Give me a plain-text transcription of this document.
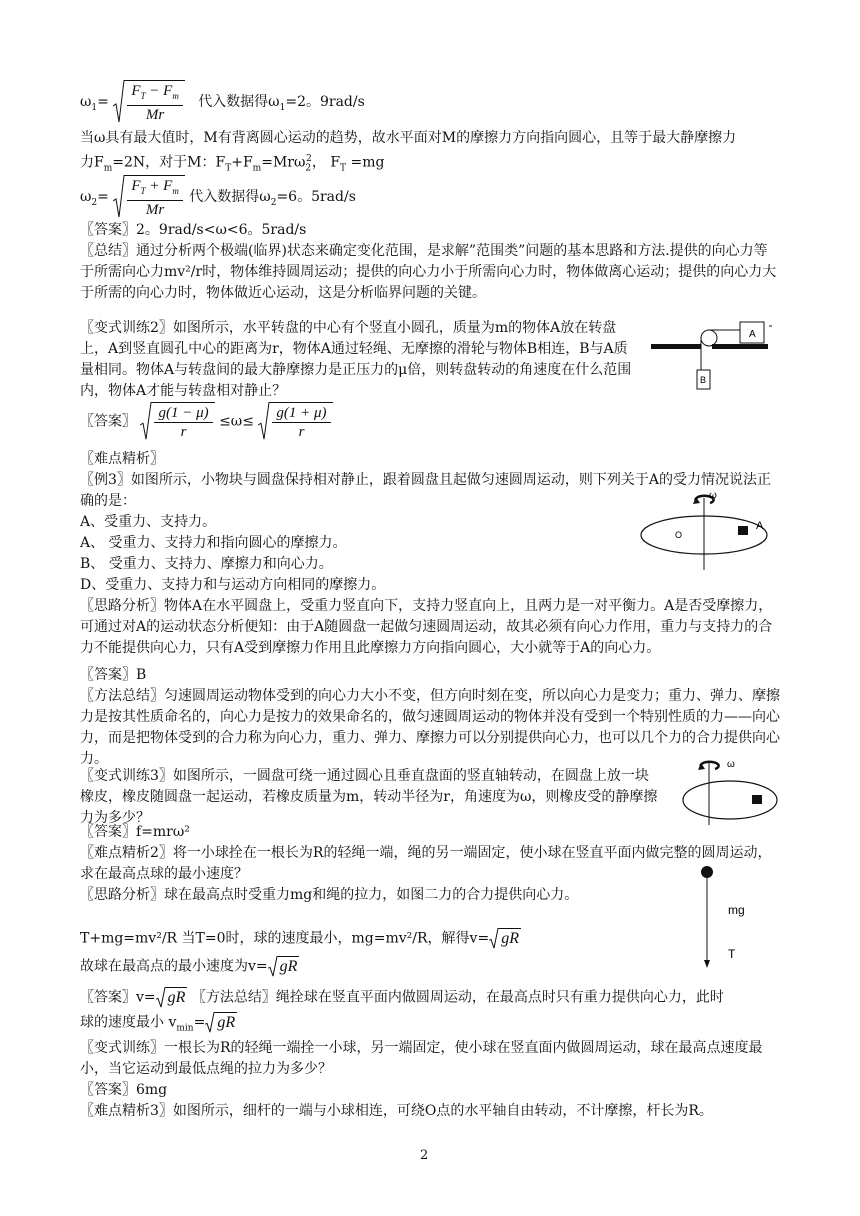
$\omega_1= \frac{F_T - F_m}{Mr}$ 代入数据得$\omega_1=2$。9rad/s
当ω具有最大值时，M有背离圆心运动的趋势，故水平面对M的摩擦力方向指向圆心，且等于最大静摩擦力
力$F_m=2N$，对于M：$F_T+F_m=Mr\omega_2^2$， $F_T =mg$
$\omega_2= \frac{F_T + F_m}{Mr}$ 代入数据得$\omega_2=6$。5rad/s
〖答案〗2。9rad/s<ω<6。5rad/s
〖总结〗通过分析两个极端(临界)状态来确定变化范围，是求解”范围类”问题的基本思路和方法.提供的向心力等于所需向心力mv²/r时，物体维持圆周运动；提供的向心力小于所需向心力时，物体做离心运动；提供的向心力大于所需的向心力时，物体做近心运动，这是分析临界问题的关键。
〖变式训练2〗如图所示，水平转盘的中心有个竖直小圆孔，质量为m的物体A放在转盘上，A到竖直圆孔中心的距离为r，物体A通过轻绳、无摩擦的滑轮与物体B相连，B与A质量相同。物体A与转盘间的最大静摩擦力是正压力的μ倍，则转盘转动的角速度在什么范围内，物体A才能与转盘相对静止？
A
B
〖答案〗 $\frac{g(1 - \mu)}{r} \le\omega\le \frac{g(1 + \mu)}{r}$
〖难点精析〗
〖例3〗如图所示，小物块与圆盘保持相对静止，跟着圆盘且起做匀速圆周运动，则下列关于A的受力情况说法正确的是：
A、受重力、支持力。
A、 受重力、支持力和指向圆心的摩擦力。
B、 受重力、支持力、摩擦力和向心力。
D、受重力、支持力和与运动方向相同的摩擦力。
ω
O
A
〖思路分析〗物体A在水平圆盘上，受重力竖直向下，支持力竖直向上，且两力是一对平衡力。A是否受摩擦力，可通过对A的运动状态分析便知：由于A随圆盘一起做匀速圆周运动，故其必须有向心力作用，重力与支持力的合力不能提供向心力，只有A受到摩擦力作用且此摩擦力方向指向圆心，大小就等于A的向心力。
〖答案〗B
〖方法总结〗匀速圆周运动物体受到的向心力大小不变，但方向时刻在变，所以向心力是变力；重力、弹力、摩擦力是按其性质命名的，向心力是按力的效果命名的，做匀速圆周运动的物体并没有受到一个特别性质的力——向心力，而是把物体受到的合力称为向心力，重力、弹力、摩擦力可以分别提供向心力，也可以几个力的合力提供向心力。
〖变式训练3〗如图所示，一圆盘可绕一通过圆心且垂直盘面的竖直轴转动，在圆盘上放一块橡皮，橡皮随圆盘一起运动，若橡皮质量为m，转动半径为r，角速度为ω，则橡皮受的静摩擦力为多少？
ω
〖答案〗f=mrω²
〖难点精析2〗将一小球拴在一根长为R的轻绳一端，绳的另一端固定，使小球在竖直平面内做完整的圆周运动，求在最高点球的最小速度？
〖思路分析〗球在最高点时受重力mg和绳的拉力，如图二力的合力提供向心力。
mg
T
T+mg=mv²/R 当T=0时，球的速度最小，mg=mv²/R，解得v= gR
故球在最高点的最小速度为v= gR
〖答案〗v= gR 〖方法总结〗绳拴球在竖直平面内做圆周运动，在最高点时只有重力提供向心力，此时
球的速度最小 $v_{min}=$ gR
〖变式训练〗一根长为R的轻绳一端拴一小球，另一端固定，使小球在竖直面内做圆周运动，球在最高点速度最小，当它运动到最低点绳的拉力为多少？
〖答案〗6mg
〖难点精析3〗如图所示，细杆的一端与小球相连，可绕O点的水平轴自由转动，不计摩擦，杆长为R。
2
